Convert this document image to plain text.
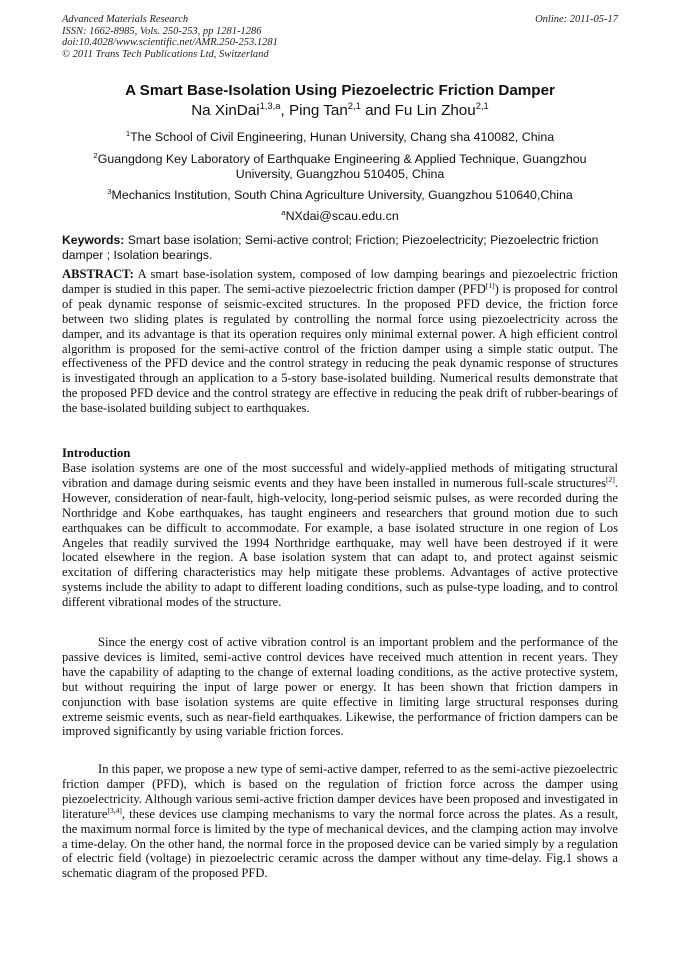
Advanced Materials Research
ISSN: 1662-8985, Vols. 250-253, pp 1281-1286
doi:10.4028/www.scientific.net/AMR.250-253.1281
© 2011 Trans Tech Publications Ltd, Switzerland
Online: 2011-05-17
A Smart Base-Isolation Using Piezoelectric Friction Damper
Na XinDai$^{1,3,a}$, Ping Tan$^{2,1}$ and Fu Lin Zhou$^{2,1}$
$^1$The School of Civil Engineering, Hunan University, Chang sha 410082, China
$^2$Guangdong Key Laboratory of Earthquake Engineering & Applied Technique, Guangzhou University, Guangzhou 510405, China
$^3$Mechanics Institution, South China Agriculture University, Guangzhou 510640,China
$^a$NXdai@scau.edu.cn
Keywords: Smart base isolation; Semi-active control; Friction; Piezoelectricity; Piezoelectric friction damper ; Isolation bearings.
ABSTRACT: A smart base-isolation system, composed of low damping bearings and piezoelectric friction damper is studied in this paper. The semi-active piezoelectric friction damper (PFD[1]) is proposed for control of peak dynamic response of seismic-excited structures. In the proposed PFD device, the friction force between two sliding plates is regulated by controlling the normal force using piezoelectricity across the damper, and its advantage is that its operation requires only minimal external power. A high efficient control algorithm is proposed for the semi-active control of the friction damper using a simple static output. The effectiveness of the PFD device and the control strategy in reducing the peak dynamic response of structures is investigated through an application to a 5-story base-isolated building. Numerical results demonstrate that the proposed PFD device and the control strategy are effective in reducing the peak drift of rubber-bearings of the base-isolated building subject to earthquakes.
Introduction
Base isolation systems are one of the most successful and widely-applied methods of mitigating structural vibration and damage during seismic events and they have been installed in numerous full-scale structures[2]. However, consideration of near-fault, high-velocity, long-period seismic pulses, as were recorded during the Northridge and Kobe earthquakes, has taught engineers and researchers that ground motion due to such earthquakes can be difficult to accommodate. For example, a base isolated structure in one region of Los Angeles that readily survived the 1994 Northridge earthquake, may well have been destroyed if it were located elsewhere in the region. A base isolation system that can adapt to, and protect against seismic excitation of differing characteristics may help mitigate these problems. Advantages of active protective systems include the ability to adapt to different loading conditions, such as pulse-type loading, and to control different vibrational modes of the structure.
Since the energy cost of active vibration control is an important problem and the performance of the passive devices is limited, semi-active control devices have received much attention in recent years. They have the capability of adapting to the change of external loading conditions, as the active protective system, but without requiring the input of large power or energy. It has been shown that friction dampers in conjunction with base isolation systems are quite effective in limiting large structural responses during extreme seismic events, such as near-field earthquakes. Likewise, the performance of friction dampers can be improved significantly by using variable friction forces.
In this paper, we propose a new type of semi-active damper, referred to as the semi-active piezoelectric friction damper (PFD), which is based on the regulation of friction force across the damper using piezoelectricity. Although various semi-active friction damper devices have been proposed and investigated in literature[3,4], these devices use clamping mechanisms to vary the normal force across the plates. As a result, the maximum normal force is limited by the type of mechanical devices, and the clamping action may involve a time-delay. On the other hand, the normal force in the proposed device can be varied simply by a regulation of electric field (voltage) in piezoelectric ceramic across the damper without any time-delay. Fig.1 shows a schematic diagram of the proposed PFD.
